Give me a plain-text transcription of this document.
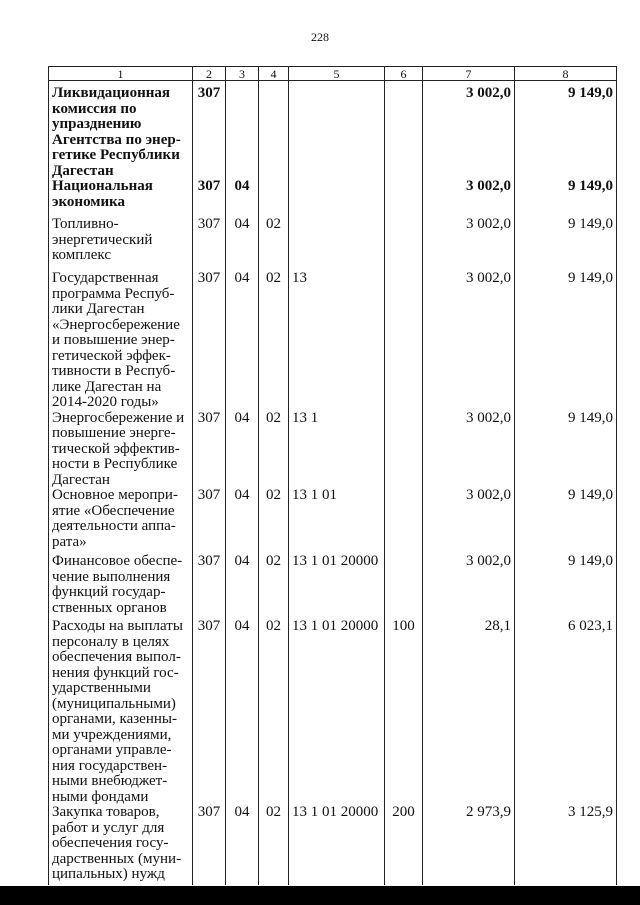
228
1	2	3	4	5	6	7	8
Ликвидационная комиссия по упразднению Агентства по энергетике Республики Дагестан	307					3 002,0	9 149,0
Национальная экономика	307	04				3 002,0	9 149,0
Топливно-энергетический комплекс	307	04	02			3 002,0	9 149,0
Государственная программа Республики Дагестан «Энергосбережение и повышение энергетической эффективности в Республике Дагестан на 2014-2020 годы»	307	04	02	13		3 002,0	9 149,0
Энергосбережение и повышение энергетической эффективности в Республике Дагестан	307	04	02	13 1		3 002,0	9 149,0
Основное мероприятие «Обеспечение деятельности аппарата»	307	04	02	13 1 01		3 002,0	9 149,0
Финансовое обеспечение выполнения функций государственных органов	307	04	02	13 1 01 20000		3 002,0	9 149,0
Расходы на выплаты персоналу в целях обеспечения выполнения функций государственными (муниципальными) органами, казенными учреждениями, органами управления государственными внебюджетными фондами	307	04	02	13 1 01 20000	100	28,1	6 023,1
Закупка товаров, работ и услуг для обеспечения государственных (муниципальных) нужд	307	04	02	13 1 01 20000	200	2 973,9	3 125,9
